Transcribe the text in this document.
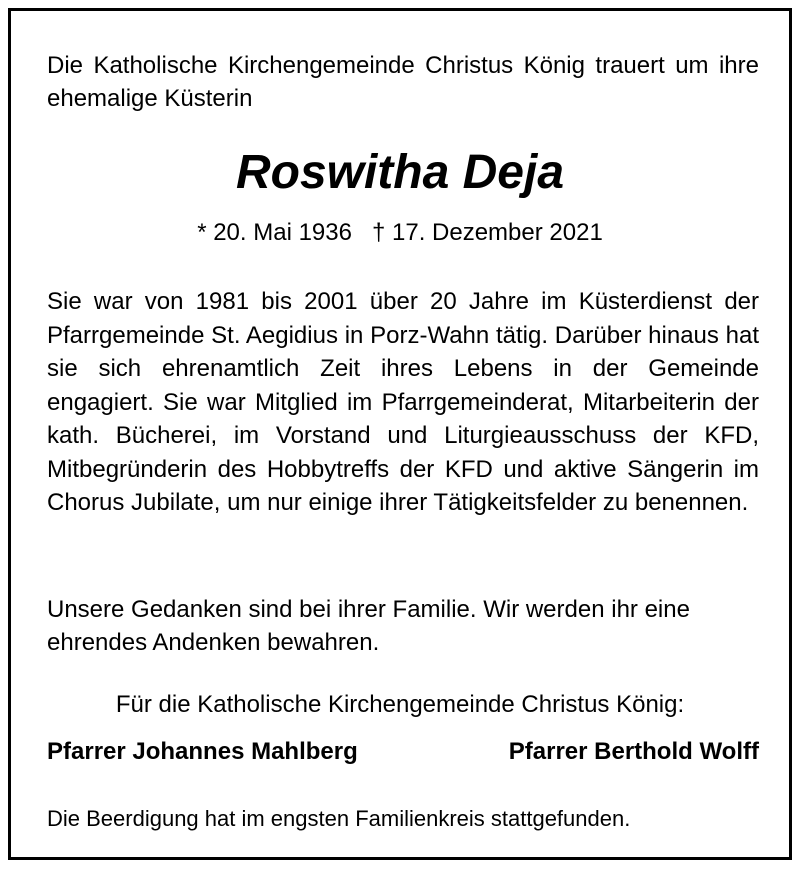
Die Katholische Kirchengemeinde Christus König trauert um ihre ehemalige Küsterin
Roswitha Deja
* 20. Mai 1936 † 17. Dezember 2021

Sie war von 1981 bis 2001 über 20 Jahre im Küsterdienst der Pfarrgemeinde St. Aegidius in Porz-Wahn tätig. Darüber hinaus hat sie sich ehrenamtlich Zeit ihres Lebens in der Gemeinde engagiert. Sie war Mitglied im Pfarrgemeinderat, Mitarbeiterin der kath. Bücherei, im Vorstand und Liturgieausschuss der KFD, Mitbegründerin des Hobbytreffs der KFD und aktive Sängerin im Chorus Jubilate, um nur einige ihrer Tätigkeitsfelder zu benennen.

Unsere Gedanken sind bei ihrer Familie. Wir werden ihr eine ehrendes Andenken bewahren.

Für die Katholische Kirchengemeinde Christus König:
Pfarrer Johannes Mahlberg	Pfarrer Berthold Wolff
Die Beerdigung hat im engsten Familienkreis stattgefunden.
